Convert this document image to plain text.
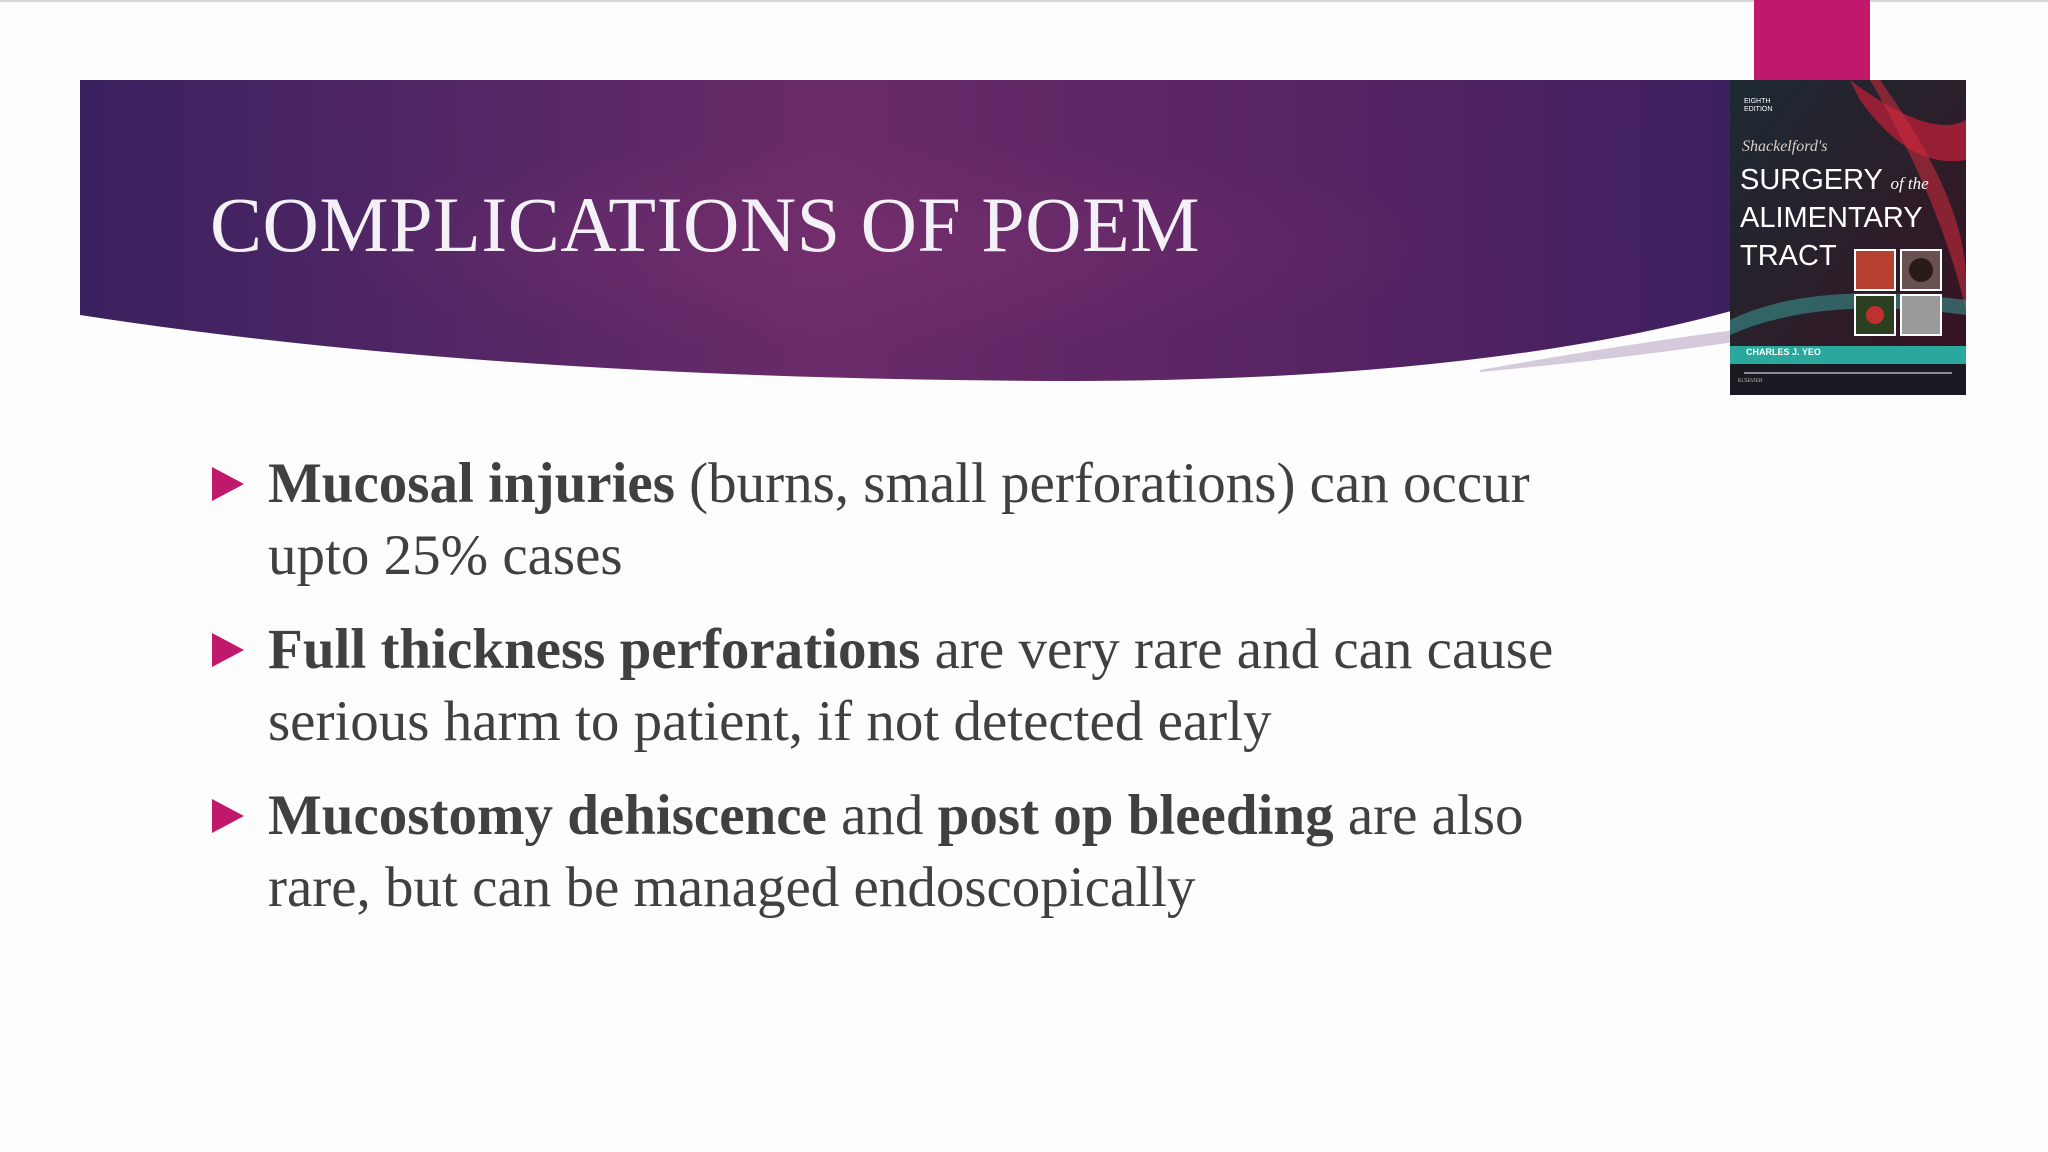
COMPLICATIONS OF POEM
EIGHTH EDITION
Shackelford's
SURGERY of the
ALIMENTARY
TRACT
CHARLES J. YEO
ELSEVIER
Mucosal injuries (burns, small perforations) can occur upto 25% cases
Full thickness perforations are very rare and can cause serious harm to patient, if not detected early
Mucostomy dehiscence and post op bleeding are also rare, but can be managed endoscopically
